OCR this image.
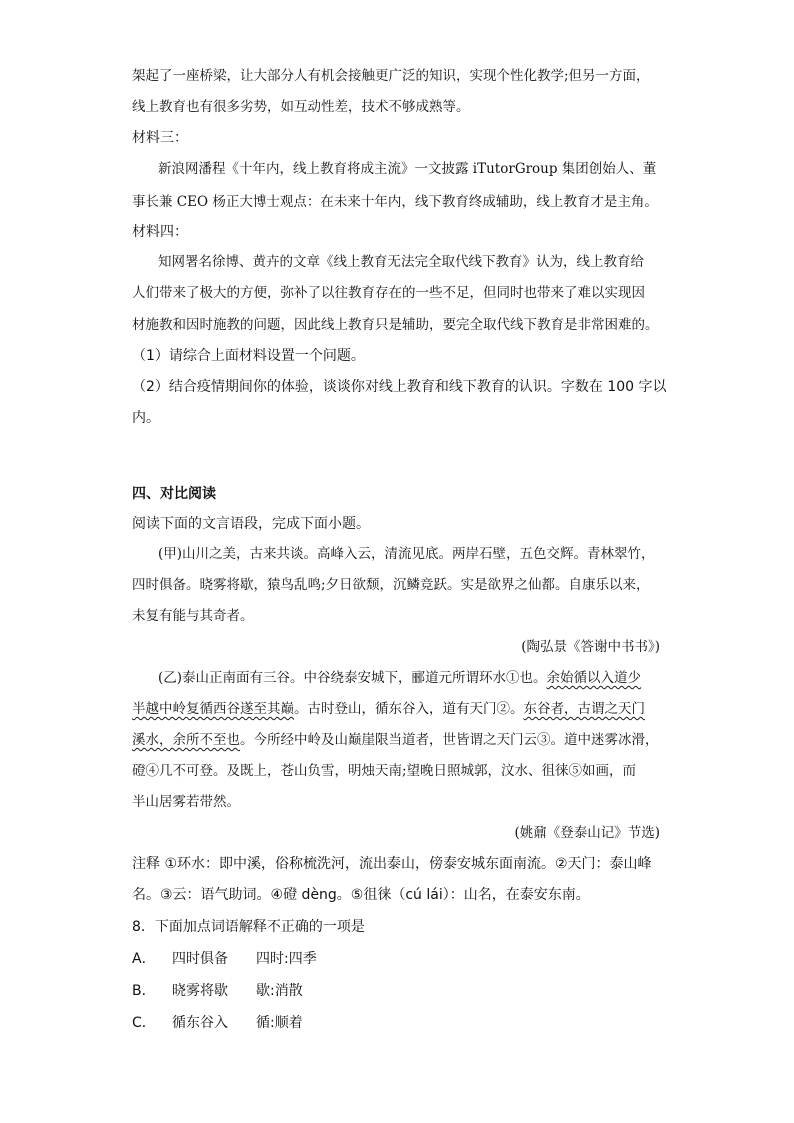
架起了一座桥梁，让大部分人有机会接触更广泛的知识，实现个性化教学;但另一方面，
线上教育也有很多劣势，如互动性差，技术不够成熟等。
材料三：
新浪网潘程《十年内，线上教育将成主流》一文披露 iTutorGroup 集团创始人、董
事长兼 CEO 杨正大博士观点：在未来十年内，线下教育终成辅助，线上教育才是主角。
材料四：
知网署名徐博、黄卉的文章《线上教育无法完全取代线下教育》认为，线上教育给
人们带来了极大的方便，弥补了以往教育存在的一些不足，但同时也带来了难以实现因
材施教和因时施教的问题，因此线上教育只是辅助，要完全取代线下教育是非常困难的。
（1）请综合上面材料设置一个问题。
（2）结合疫情期间你的体验，谈谈你对线上教育和线下教育的认识。字数在 100 字以
内。
四、对比阅读
阅读下面的文言语段，完成下面小题。
(甲)山川之美，古来共谈。高峰入云，清流见底。两岸石壁，五色交辉。青林翠竹，
四时俱备。晓雾将歇，猿鸟乱鸣;夕日欲颓，沉鳞竞跃。实是欲界之仙都。自康乐以来，
未复有能与其奇者。
(陶弘景《答谢中书书》)
(乙)泰山正南面有三谷。中谷绕泰安城下，郦道元所谓环水①也。余始循以入道少
半越中岭复循西谷遂至其巅。古时登山，循东谷入，道有天门②。东谷者，古谓之天门
溪水，余所不至也。今所经中岭及山巅崖限当道者，世皆谓之天门云③。道中迷雾冰滑，
磴④几不可登。及既上，苍山负雪，明烛天南;望晚日照城郭，汶水、徂徕⑤如画，而
半山居雾若带然。
(姚鼐《登泰山记》节选)
注释 ①环水：即中溪，俗称梳洗河，流出泰山，傍泰安城东面南流。②天门：泰山峰
名。③云：语气助词。④磴 dèng。⑤徂徕（cú lái）：山名，在泰安东南。
8．下面加点词语解释不正确的一项是
A． 四时俱备 四时:四季
B． 晓雾将歇 歇:消散
C． 循东谷入 循:顺着
